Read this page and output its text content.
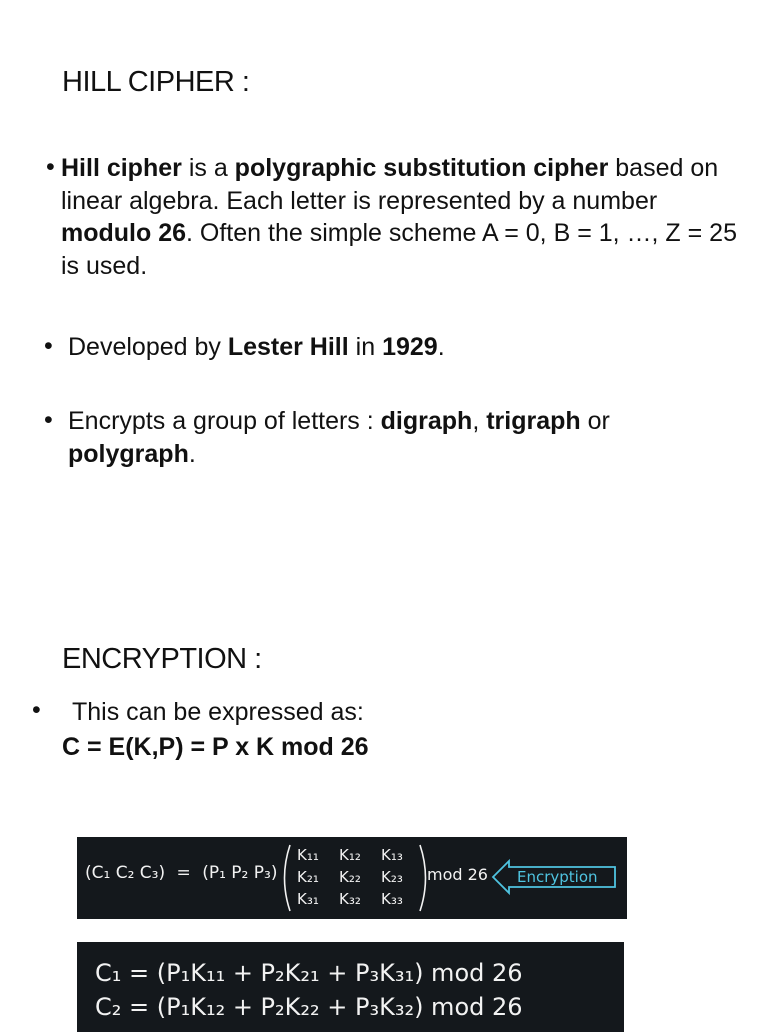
HILL CIPHER :
• Hill cipher is a polygraphic substitution cipher based on linear algebra. Each letter is represented by a number modulo 26. Often the simple scheme A = 0, B = 1, …, Z = 25 is used.
• Developed by Lester Hill in 1929.
• Encrypts a group of letters : digraph, trigraph or polygraph.
ENCRYPTION :
• This can be expressed as:
C = E(K,P) = P x K mod 26
(C₁ C₂ C₃) = (P₁ P₂ P₃)
K₁₁ K₁₂ K₁₃
K₂₁ K₂₂ K₂₃
K₃₁ K₃₂ K₃₃
mod 26 Encryption
C₁ = (P₁K₁₁ + P₂K₂₁ + P₃K₃₁) mod 26
C₂ = (P₁K₁₂ + P₂K₂₂ + P₃K₃₂) mod 26
